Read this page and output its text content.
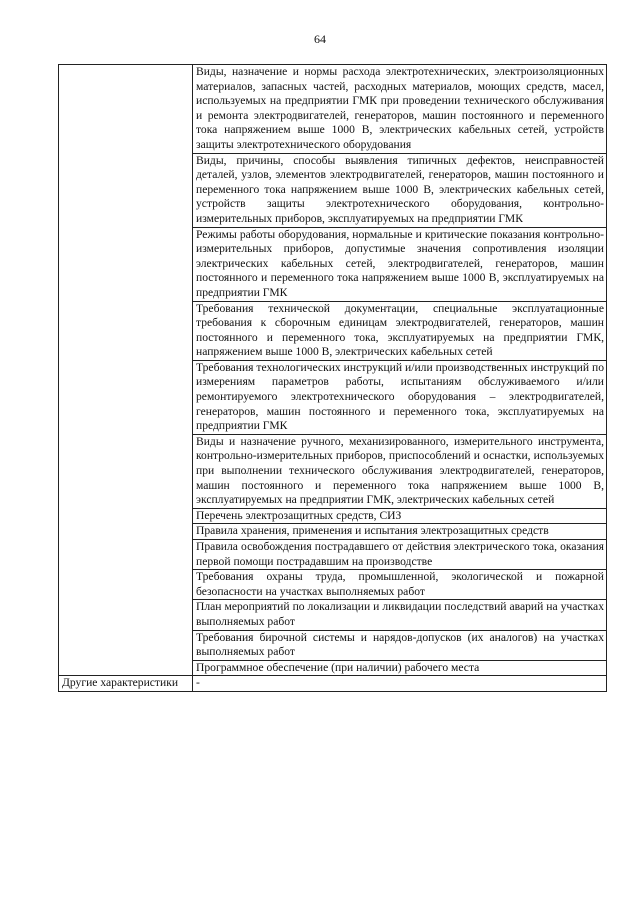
64
	Виды, назначение и нормы расхода электротехнических, электроизоляционных материалов, запасных частей, расходных материалов, моющих средств, масел, используемых на предприятии ГМК при проведении технического обслуживания и ремонта электродвигателей, генераторов, машин постоянного и переменного тока напряжением выше 1000 В, электрических кабельных сетей, устройств защиты электротехнического оборудования
	Виды, причины, способы выявления типичных дефектов, неисправностей деталей, узлов, элементов электродвигателей, генераторов, машин постоянного и переменного тока напряжением выше 1000 В, электрических кабельных сетей, устройств защиты электротехнического оборудования, контрольно-измерительных приборов, эксплуатируемых на предприятии ГМК
	Режимы работы оборудования, нормальные и критические показания контрольно-измерительных приборов, допустимые значения сопротивления изоляции электрических кабельных сетей, электродвигателей, генераторов, машин постоянного и переменного тока напряжением выше 1000 В, эксплуатируемых на предприятии ГМК
	Требования технической документации, специальные эксплуатационные требования к сборочным единицам электродвигателей, генераторов, машин постоянного и переменного тока, эксплуатируемых на предприятии ГМК, напряжением выше 1000 В, электрических кабельных сетей
	Требования технологических инструкций и/или производственных инструкций по измерениям параметров работы, испытаниям обслуживаемого и/или ремонтируемого электротехнического оборудования – электродвигателей, генераторов, машин постоянного и переменного тока, эксплуатируемых на предприятии ГМК
	Виды и назначение ручного, механизированного, измерительного инструмента, контрольно-измерительных приборов, приспособлений и оснастки, используемых при выполнении технического обслуживания электродвигателей, генераторов, машин постоянного и переменного тока напряжением выше 1000 В, эксплуатируемых на предприятии ГМК, электрических кабельных сетей
	Перечень электрозащитных средств, СИЗ
	Правила хранения, применения и испытания электрозащитных средств
	Правила освобождения пострадавшего от действия электрического тока, оказания первой помощи пострадавшим на производстве
	Требования охраны труда, промышленной, экологической и пожарной безопасности на участках выполняемых работ
	План мероприятий по локализации и ликвидации последствий аварий на участках выполняемых работ
	Требования бирочной системы и нарядов-допусков (их аналогов) на участках выполняемых работ
	Программное обеспечение (при наличии) рабочего места
Другие характеристики	-
